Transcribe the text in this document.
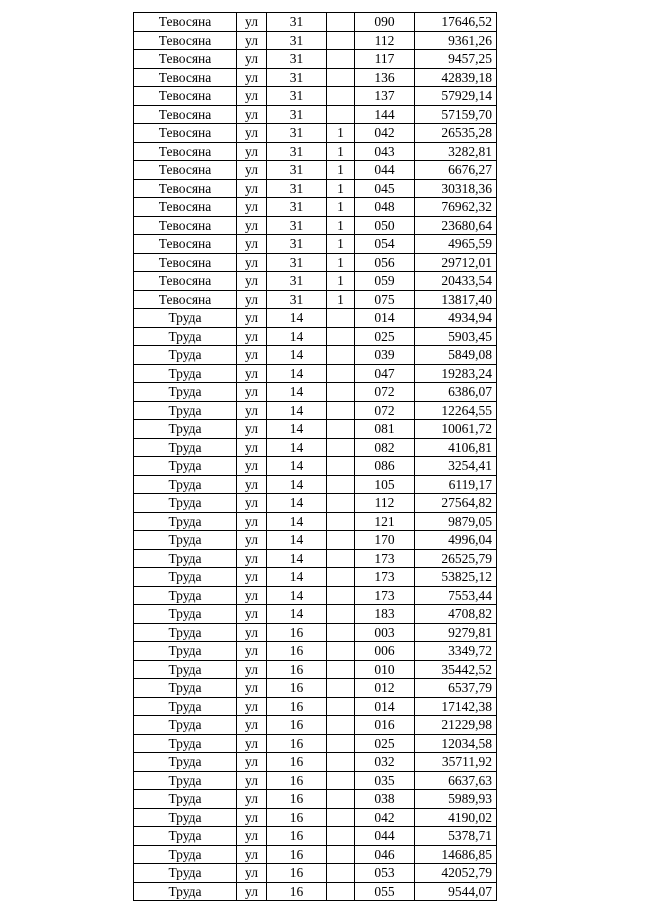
Тевосяна	ул	31		090	17646,52
Тевосяна	ул	31		112	9361,26
Тевосяна	ул	31		117	9457,25
Тевосяна	ул	31		136	42839,18
Тевосяна	ул	31		137	57929,14
Тевосяна	ул	31		144	57159,70
Тевосяна	ул	31	1	042	26535,28
Тевосяна	ул	31	1	043	3282,81
Тевосяна	ул	31	1	044	6676,27
Тевосяна	ул	31	1	045	30318,36
Тевосяна	ул	31	1	048	76962,32
Тевосяна	ул	31	1	050	23680,64
Тевосяна	ул	31	1	054	4965,59
Тевосяна	ул	31	1	056	29712,01
Тевосяна	ул	31	1	059	20433,54
Тевосяна	ул	31	1	075	13817,40
Труда	ул	14		014	4934,94
Труда	ул	14		025	5903,45
Труда	ул	14		039	5849,08
Труда	ул	14		047	19283,24
Труда	ул	14		072	6386,07
Труда	ул	14		072	12264,55
Труда	ул	14		081	10061,72
Труда	ул	14		082	4106,81
Труда	ул	14		086	3254,41
Труда	ул	14		105	6119,17
Труда	ул	14		112	27564,82
Труда	ул	14		121	9879,05
Труда	ул	14		170	4996,04
Труда	ул	14		173	26525,79
Труда	ул	14		173	53825,12
Труда	ул	14		173	7553,44
Труда	ул	14		183	4708,82
Труда	ул	16		003	9279,81
Труда	ул	16		006	3349,72
Труда	ул	16		010	35442,52
Труда	ул	16		012	6537,79
Труда	ул	16		014	17142,38
Труда	ул	16		016	21229,98
Труда	ул	16		025	12034,58
Труда	ул	16		032	35711,92
Труда	ул	16		035	6637,63
Труда	ул	16		038	5989,93
Труда	ул	16		042	4190,02
Труда	ул	16		044	5378,71
Труда	ул	16		046	14686,85
Труда	ул	16		053	42052,79
Труда	ул	16		055	9544,07
